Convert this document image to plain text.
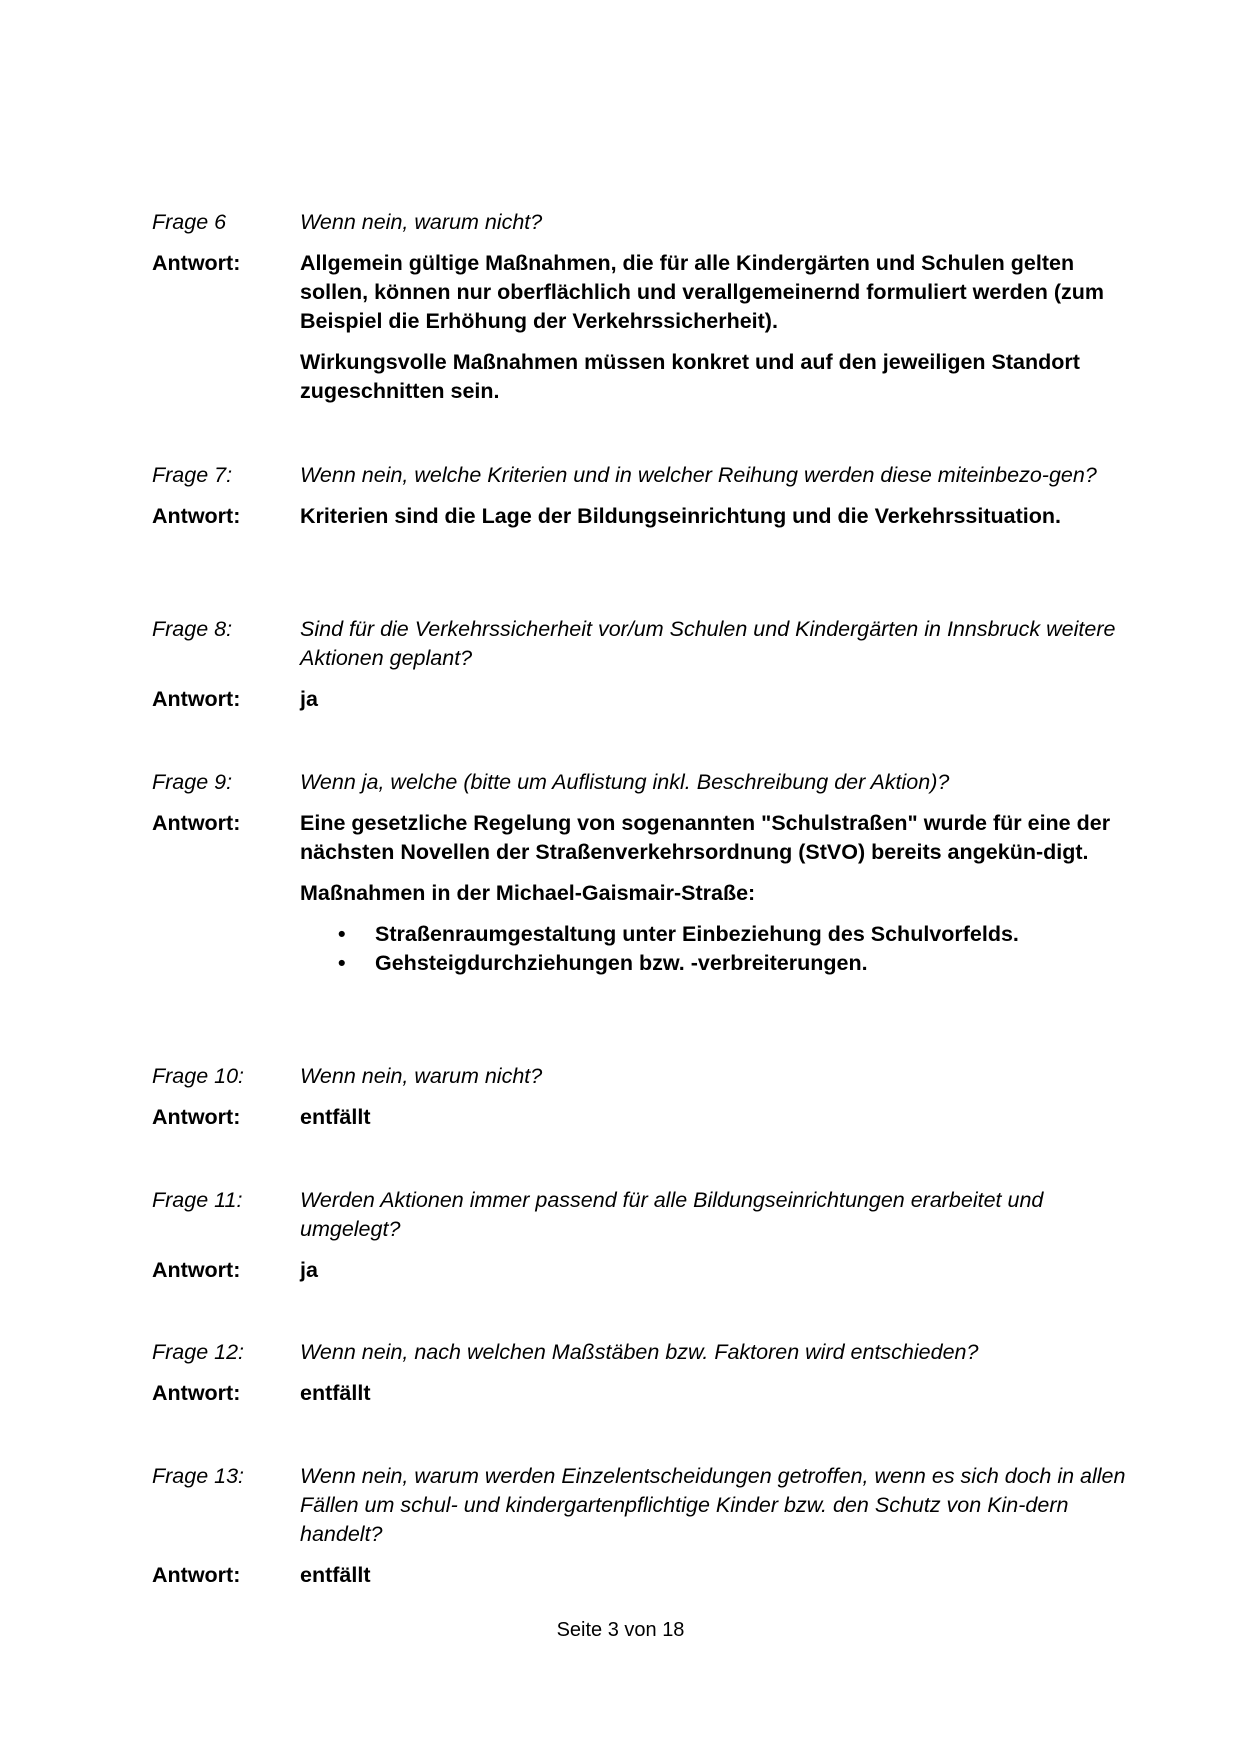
Frage 6	Wenn nein, warum nicht?
Antwort:	Allgemein gültige Maßnahmen, die für alle Kindergärten und Schulen gelten sollen, können nur oberflächlich und verallgemeinernd formuliert werden (zum Beispiel die Erhöhung der Verkehrssicherheit).
Wirkungsvolle Maßnahmen müssen konkret und auf den jeweiligen Standort zugeschnitten sein.
Frage 7:	Wenn nein, welche Kriterien und in welcher Reihung werden diese miteinbezo-gen?
Antwort:	Kriterien sind die Lage der Bildungseinrichtung und die Verkehrssituation.
Frage 8:	Sind für die Verkehrssicherheit vor/um Schulen und Kindergärten in Innsbruck weitere Aktionen geplant?
Antwort:	ja
Frage 9:	Wenn ja, welche (bitte um Auflistung inkl. Beschreibung der Aktion)?
Antwort:	Eine gesetzliche Regelung von sogenannten "Schulstraßen" wurde für eine der nächsten Novellen der Straßenverkehrsordnung (StVO) bereits angekün-digt.
Maßnahmen in der Michael-Gaismair-Straße:
• Straßenraumgestaltung unter Einbeziehung des Schulvorfelds.
• Gehsteigdurchziehungen bzw. -verbreiterungen.
Frage 10:	Wenn nein, warum nicht?
Antwort:	entfällt
Frage 11:	Werden Aktionen immer passend für alle Bildungseinrichtungen erarbeitet und umgelegt?
Antwort:	ja
Frage 12:	Wenn nein, nach welchen Maßstäben bzw. Faktoren wird entschieden?
Antwort:	entfällt
Frage 13:	Wenn nein, warum werden Einzelentscheidungen getroffen, wenn es sich doch in allen Fällen um schul- und kindergartenpflichtige Kinder bzw. den Schutz von Kin-dern handelt?
Antwort:	entfällt
Seite 3 von 18
